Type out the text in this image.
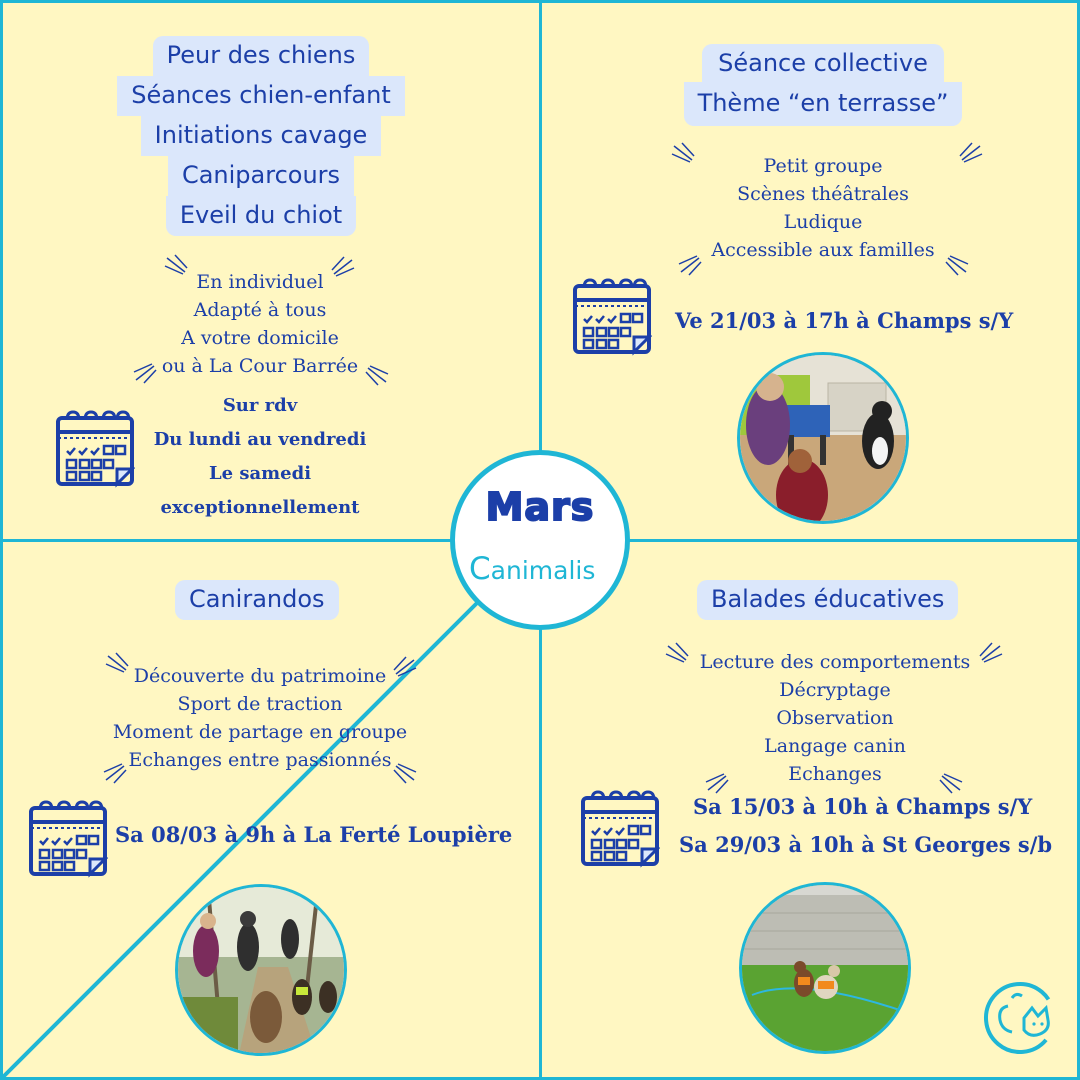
Peur des chiens
Séances chien-enfant
Initiations cavage
Caniparcours
Eveil du chiot
En individuel
Adapté à tous
A votre domicile
ou à La Cour Barrée
Sur rdv
Du lundi au vendredi
Le samedi
exceptionnellement
Séance collective
Thème “en terrasse”
Petit groupe
Scènes théâtrales
Ludique
Accessible aux familles
Ve 21/03 à 17h à Champs s/Y
Canirandos
Découverte du patrimoine
Sport de traction
Moment de partage en groupe
Echanges entre passionnés
Sa 08/03 à 9h à La Ferté Loupière
Balades éducatives
Lecture des comportements
Décryptage
Observation
Langage canin
Echanges
Sa 15/03 à 10h à Champs s/Y
Sa 29/03 à 10h à St Georges s/b
Mars
Canimalis
